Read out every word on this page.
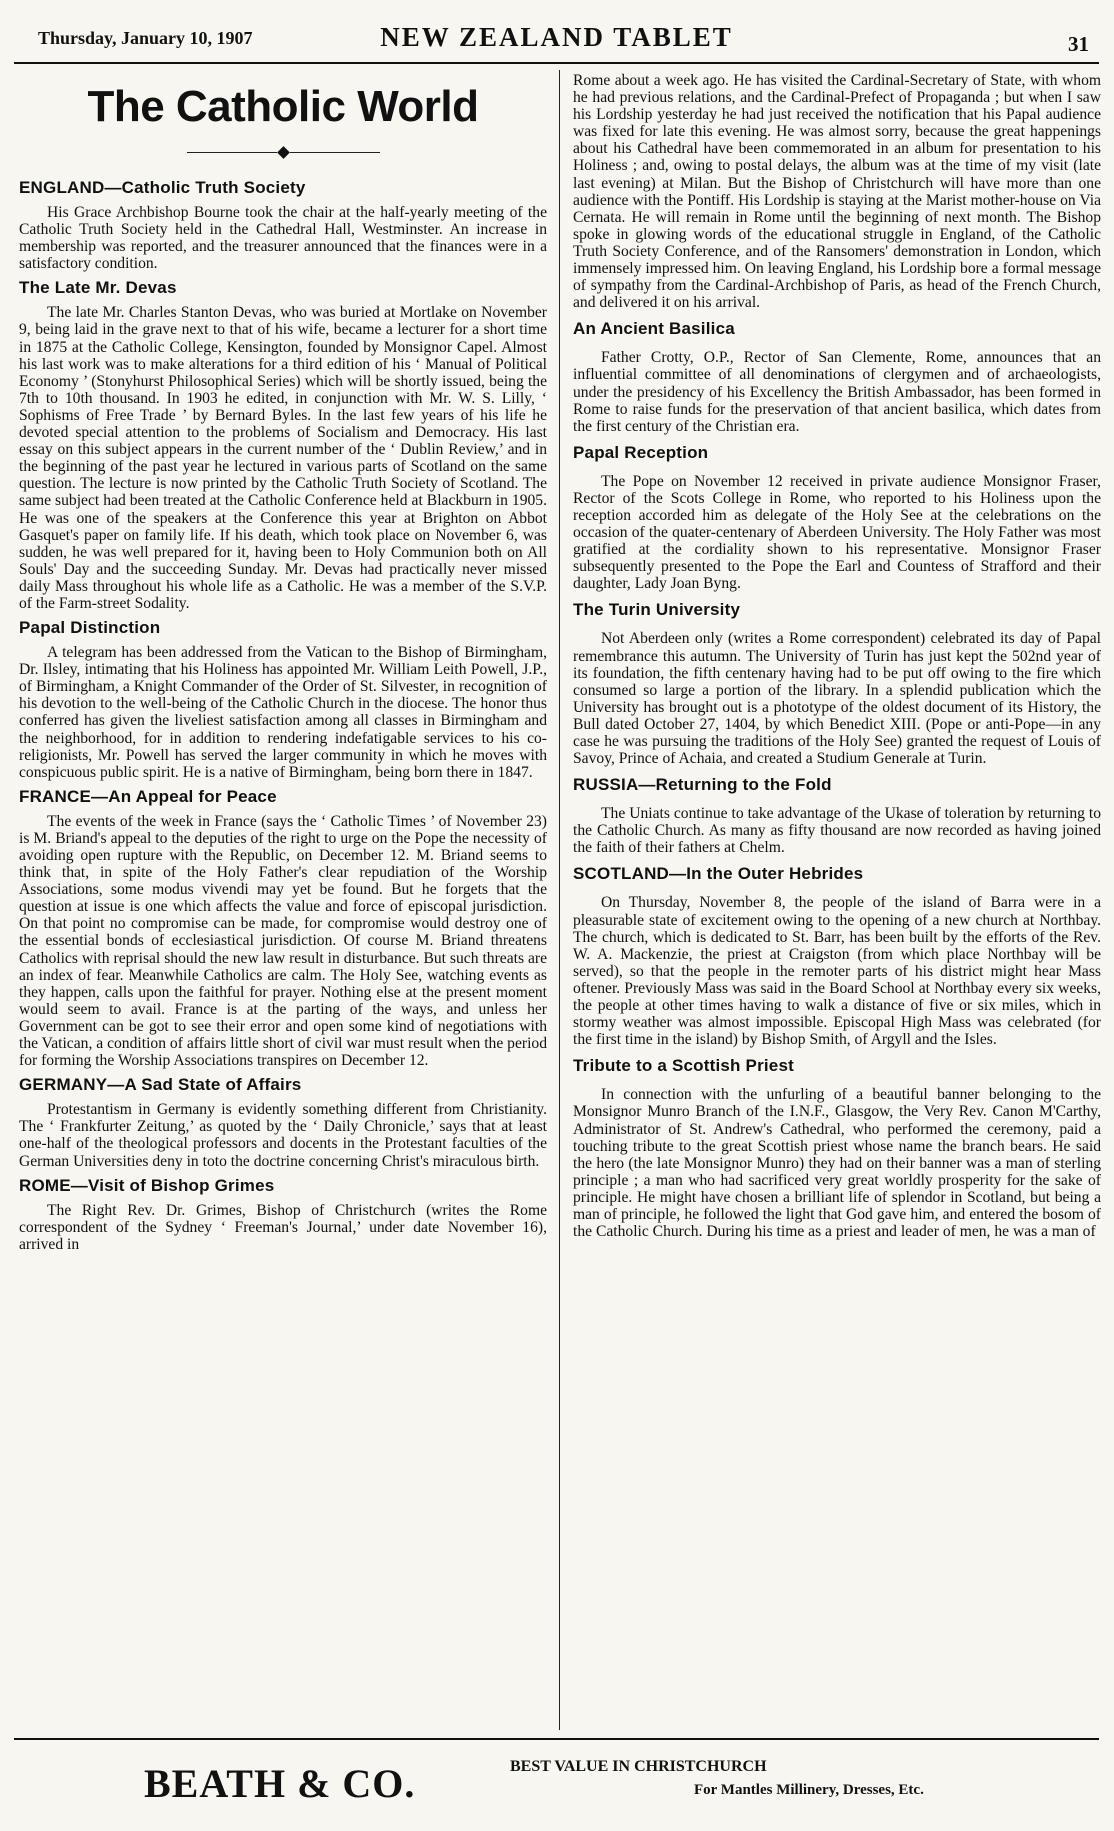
Thursday, January 10, 1907	NEW ZEALAND TABLET	31
The Catholic World
ENGLAND—Catholic Truth Society

His Grace Archbishop Bourne took the chair at the half-yearly meeting of the Catholic Truth Society held in the Cathedral Hall, Westminster. An increase in membership was reported, and the treasurer announced that the finances were in a satisfactory condition.

The Late Mr. Devas

The late Mr. Charles Stanton Devas, who was buried at Mortlake on November 9, being laid in the grave next to that of his wife, became a lecturer for a short time in 1875 at the Catholic College, Kensington, founded by Monsignor Capel. Almost his last work was to make alterations for a third edition of his ‘ Manual of Political Economy ’ (Stonyhurst Philosophical Series) which will be shortly issued, being the 7th to 10th thousand. In 1903 he edited, in conjunction with Mr. W. S. Lilly, ‘ Sophisms of Free Trade ’ by Bernard Byles. In the last few years of his life he devoted special attention to the problems of Socialism and Democracy. His last essay on this subject appears in the current number of the ‘ Dublin Review,’ and in the beginning of the past year he lectured in various parts of Scotland on the same question. The lecture is now printed by the Catholic Truth Society of Scotland. The same subject had been treated at the Catholic Conference held at Blackburn in 1905. He was one of the speakers at the Conference this year at Brighton on Abbot Gasquet's paper on family life. If his death, which took place on November 6, was sudden, he was well prepared for it, having been to Holy Communion both on All Souls' Day and the succeeding Sunday. Mr. Devas had practically never missed daily Mass throughout his whole life as a Catholic. He was a member of the S.V.P. of the Farm-street Sodality.

Papal Distinction

A telegram has been addressed from the Vatican to the Bishop of Birmingham, Dr. Ilsley, intimating that his Holiness has appointed Mr. William Leith Powell, J.P., of Birmingham, a Knight Commander of the Order of St. Silvester, in recognition of his devotion to the well-being of the Catholic Church in the diocese. The honor thus conferred has given the liveliest satisfaction among all classes in Birmingham and the neighborhood, for in addition to rendering indefatigable services to his co-religionists, Mr. Powell has served the larger community in which he moves with conspicuous public spirit. He is a native of Birmingham, being born there in 1847.

FRANCE—An Appeal for Peace

The events of the week in France (says the ‘ Catholic Times ’ of November 23) is M. Briand's appeal to the deputies of the right to urge on the Pope the necessity of avoiding open rupture with the Republic, on December 12. M. Briand seems to think that, in spite of the Holy Father's clear repudiation of the Worship Associations, some modus vivendi may yet be found. But he forgets that the question at issue is one which affects the value and force of episcopal jurisdiction. On that point no compromise can be made, for compromise would destroy one of the essential bonds of ecclesiastical jurisdiction. Of course M. Briand threatens Catholics with reprisal should the new law result in disturbance. But such threats are an index of fear. Meanwhile Catholics are calm. The Holy See, watching events as they happen, calls upon the faithful for prayer. Nothing else at the present moment would seem to avail. France is at the parting of the ways, and unless her Government can be got to see their error and open some kind of negotiations with the Vatican, a condition of affairs little short of civil war must result when the period for forming the Worship Associations transpires on December 12.

GERMANY—A Sad State of Affairs

Protestantism in Germany is evidently something different from Christianity. The ‘ Frankfurter Zeitung,’ as quoted by the ‘ Daily Chronicle,’ says that at least one-half of the theological professors and docents in the Protestant faculties of the German Universities deny in toto the doctrine concerning Christ's miraculous birth.

ROME—Visit of Bishop Grimes

The Right Rev. Dr. Grimes, Bishop of Christchurch (writes the Rome correspondent of the Sydney ‘ Freeman's Journal,’ under date November 16), arrived in

Rome about a week ago. He has visited the Cardinal-Secretary of State, with whom he had previous relations, and the Cardinal-Prefect of Propaganda ; but when I saw his Lordship yesterday he had just received the notification that his Papal audience was fixed for late this evening. He was almost sorry, because the great happenings about his Cathedral have been commemorated in an album for presentation to his Holiness ; and, owing to postal delays, the album was at the time of my visit (late last evening) at Milan. But the Bishop of Christchurch will have more than one audience with the Pontiff. His Lordship is staying at the Marist mother-house on Via Cernata. He will remain in Rome until the beginning of next month. The Bishop spoke in glowing words of the educational struggle in England, of the Catholic Truth Society Conference, and of the Ransomers' demonstration in London, which immensely impressed him. On leaving England, his Lordship bore a formal message of sympathy from the Cardinal-Archbishop of Paris, as head of the French Church, and delivered it on his arrival.

An Ancient Basilica

Father Crotty, O.P., Rector of San Clemente, Rome, announces that an influential committee of all denominations of clergymen and of archaeologists, under the presidency of his Excellency the British Ambassador, has been formed in Rome to raise funds for the preservation of that ancient basilica, which dates from the first century of the Christian era.

Papal Reception

The Pope on November 12 received in private audience Monsignor Fraser, Rector of the Scots College in Rome, who reported to his Holiness upon the reception accorded him as delegate of the Holy See at the celebrations on the occasion of the quater-centenary of Aberdeen University. The Holy Father was most gratified at the cordiality shown to his representative. Monsignor Fraser subsequently presented to the Pope the Earl and Countess of Strafford and their daughter, Lady Joan Byng.

The Turin University

Not Aberdeen only (writes a Rome correspondent) celebrated its day of Papal remembrance this autumn. The University of Turin has just kept the 502nd year of its foundation, the fifth centenary having had to be put off owing to the fire which consumed so large a portion of the library. In a splendid publication which the University has brought out is a phototype of the oldest document of its History, the Bull dated October 27, 1404, by which Benedict XIII. (Pope or anti-Pope—in any case he was pursuing the traditions of the Holy See) granted the request of Louis of Savoy, Prince of Achaia, and created a Studium Generale at Turin.

RUSSIA—Returning to the Fold

The Uniats continue to take advantage of the Ukase of toleration by returning to the Catholic Church. As many as fifty thousand are now recorded as having joined the faith of their fathers at Chelm.

SCOTLAND—In the Outer Hebrides

On Thursday, November 8, the people of the island of Barra were in a pleasurable state of excitement owing to the opening of a new church at Northbay. The church, which is dedicated to St. Barr, has been built by the efforts of the Rev. W. A. Mackenzie, the priest at Craigston (from which place Northbay will be served), so that the people in the remoter parts of his district might hear Mass oftener. Previously Mass was said in the Board School at Northbay every six weeks, the people at other times having to walk a distance of five or six miles, which in stormy weather was almost impossible. Episcopal High Mass was celebrated (for the first time in the island) by Bishop Smith, of Argyll and the Isles.

Tribute to a Scottish Priest

In connection with the unfurling of a beautiful banner belonging to the Monsignor Munro Branch of the I.N.F., Glasgow, the Very Rev. Canon M'Carthy, Administrator of St. Andrew's Cathedral, who performed the ceremony, paid a touching tribute to the great Scottish priest whose name the branch bears. He said the hero (the late Monsignor Munro) they had on their banner was a man of sterling principle ; a man who had sacrificed very great worldly prosperity for the sake of principle. He might have chosen a brilliant life of splendor in Scotland, but being a man of principle, he followed the light that God gave him, and entered the bosom of the Catholic Church. During his time as a priest and leader of men, he was a man of

BEATH & CO.	BEST VALUE IN CHRISTCHURCH
For Mantles Millinery, Dresses, Etc.
